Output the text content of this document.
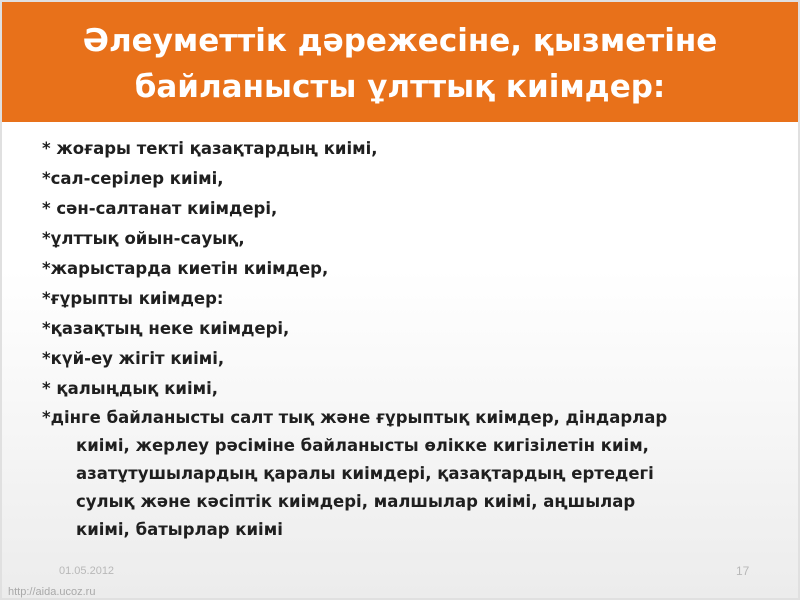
Әлеуметтік дәрежесіне, қызметіне
байланысты ұлттық киімдер:
* жоғары текті қазақтардың киімі,
*сал-серілер киімі,
* сән-салтанат киімдері,
*ұлттық ойын-сауық,
*жарыстарда киетін киімдер,
*ғұрыпты киімдер:
*қазақтың неке киімдері,
*күй-еу жігіт киімі,
* қалыңдық киімі,
*дінге байланысты салт тық және ғұрыптық киімдер, діндарлар
киімі, жерлеу рәсіміне байланысты өлікке кигізілетін киім,
азатұтушылардың қаралы киімдері, қазақтардың ертедегі
сулық және кәсіптік киімдері, малшылар киімі, аңшылар
киімі, батырлар киімі
01.05.2012	17
http://aida.ucoz.ru
